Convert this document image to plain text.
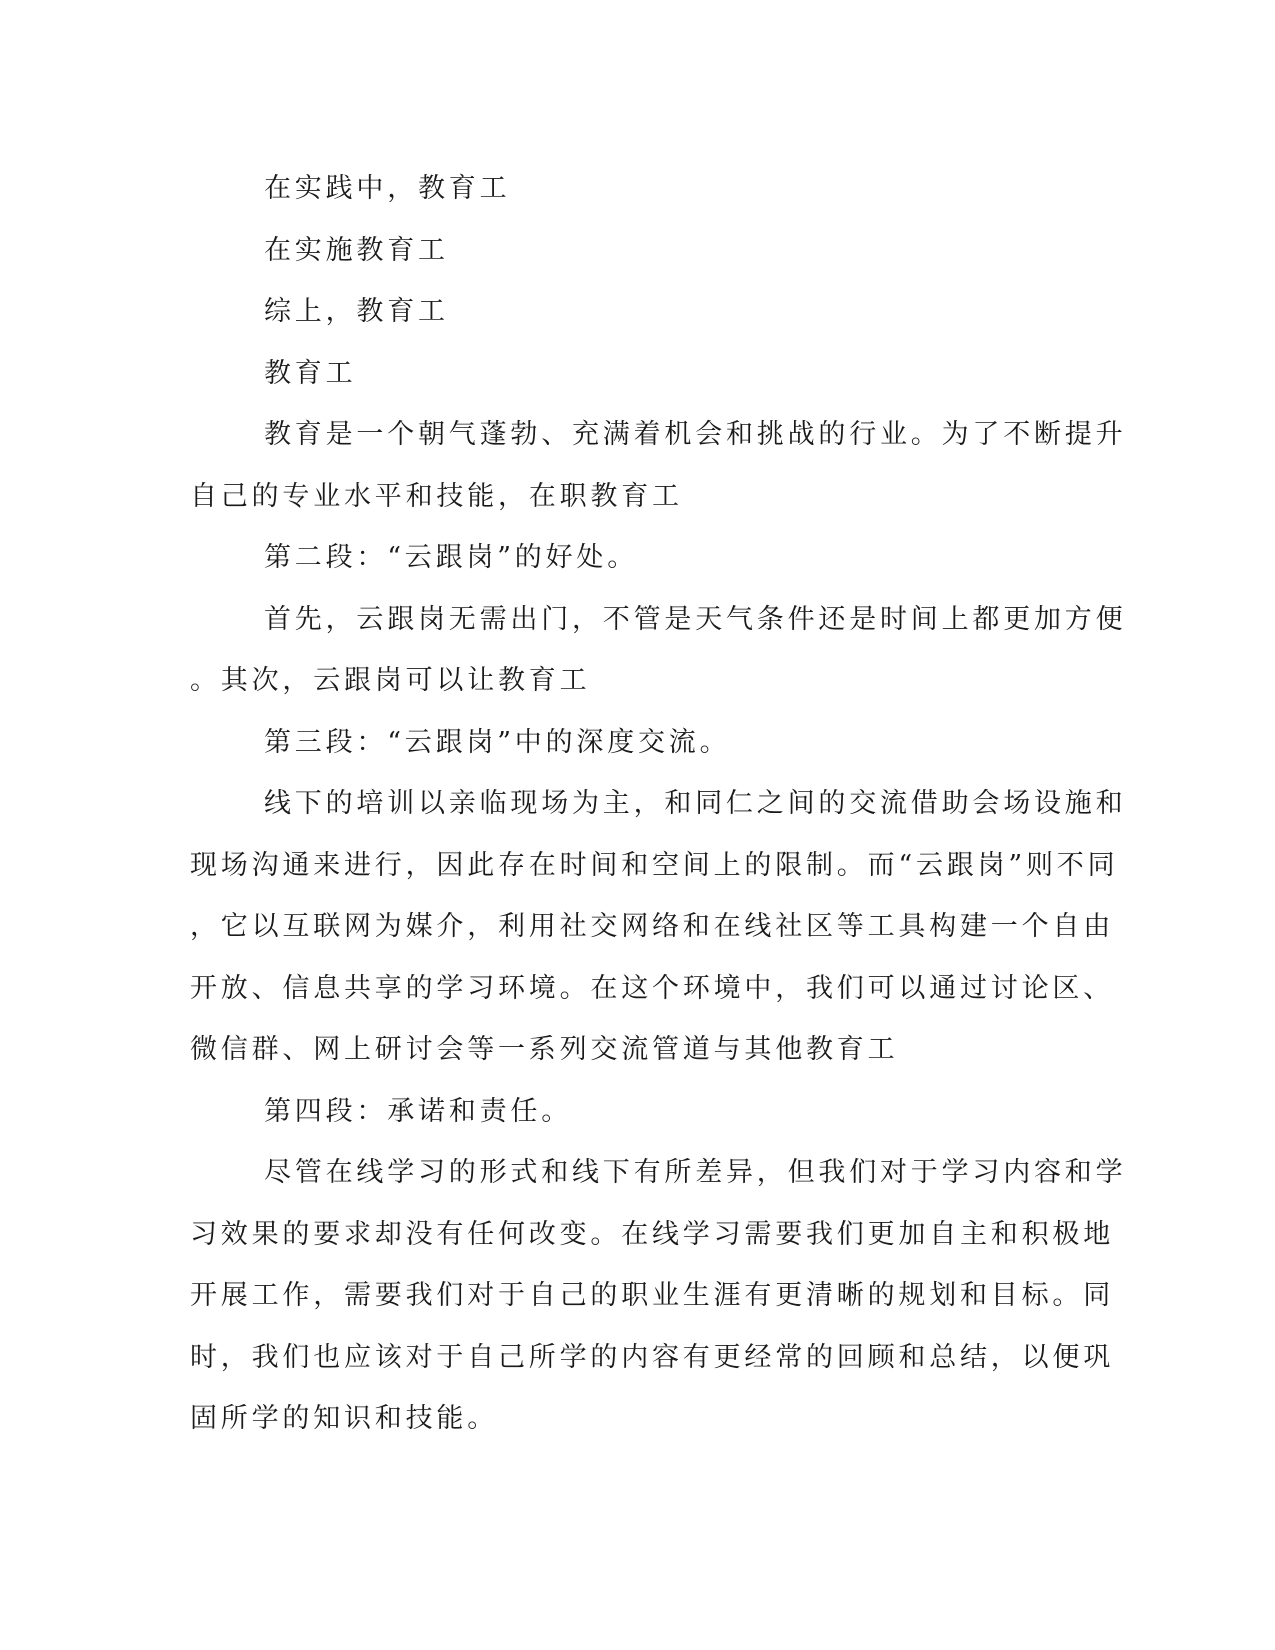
在实践中，教育工

在实施教育工

综上，教育工

教育工

教育是一个朝气蓬勃、充满着机会和挑战的行业。为了不断提升
自己的专业水平和技能，在职教育工

第二段：“云跟岗”的好处。

首先，云跟岗无需出门，不管是天气条件还是时间上都更加方便
。其次，云跟岗可以让教育工

第三段：“云跟岗”中的深度交流。

线下的培训以亲临现场为主，和同仁之间的交流借助会场设施和
现场沟通来进行，因此存在时间和空间上的限制。而“云跟岗”则不同
，它以互联网为媒介，利用社交网络和在线社区等工具构建一个自由
开放、信息共享的学习环境。在这个环境中，我们可以通过讨论区、
微信群、网上研讨会等一系列交流管道与其他教育工

第四段：承诺和责任。

尽管在线学习的形式和线下有所差异，但我们对于学习内容和学
习效果的要求却没有任何改变。在线学习需要我们更加自主和积极地
开展工作，需要我们对于自己的职业生涯有更清晰的规划和目标。同
时，我们也应该对于自己所学的内容有更经常的回顾和总结，以便巩
固所学的知识和技能。
